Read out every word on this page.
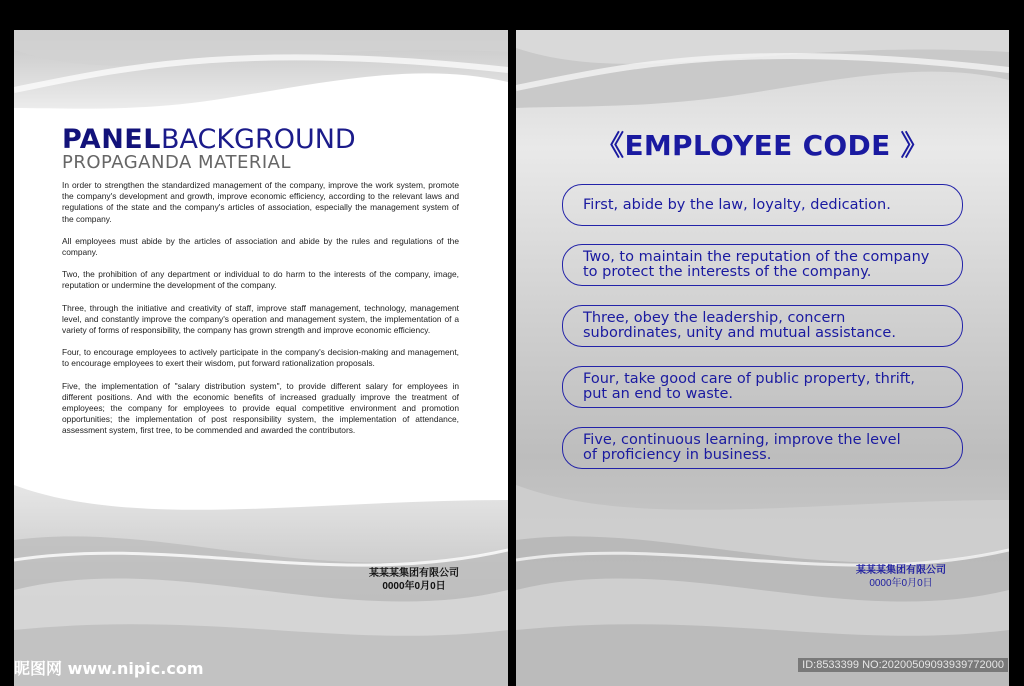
PANELBACKGROUND
PROPAGANDA MATERIAL

In order to strengthen the standardized management of the company, improve the work system, promote the company's development and growth, improve economic efficiency, according to the relevant laws and regulations of the state and the company's articles of association, especially the management system of the company.

All employees must abide by the articles of association and abide by the rules and regulations of the company.

Two, the prohibition of any department or individual to do harm to the interests of the company, image, reputation or undermine the development of the company.

Three, through the initiative and creativity of staff, improve staff management, technology, management level, and constantly improve the company's operation and management system, the implementation of a variety of forms of responsibility, the company has grown strength and improve economic efficiency.

Four, to encourage employees to actively participate in the company's decision-making and management, to encourage employees to exert their wisdom, put forward rationalization proposals.

Five, the implementation of "salary distribution system", to provide different salary for employees in different positions. And with the economic benefits of increased gradually improve the treatment of employees; the company for employees to provide equal competitive environment and promotion opportunities; the implementation of post responsibility system, the implementation of attendance, assessment system, first tree, to be commended and awarded the contributors.

某某某集团有限公司
0000年0月0日
《EMPLOYEE CODE 》
First, abide by the law, loyalty, dedication.
Two, to maintain the reputation of the company
to protect the interests of the company.
Three, obey the leadership, concern
subordinates, unity and mutual assistance.
Four, take good care of public property, thrift,
put an end to waste.
Five, continuous learning, improve the level
of proficiency in business.
某某某集团有限公司
0000年0月0日
昵图网 www.nipic.com	ID:8533399 NO:20200509093939772000
